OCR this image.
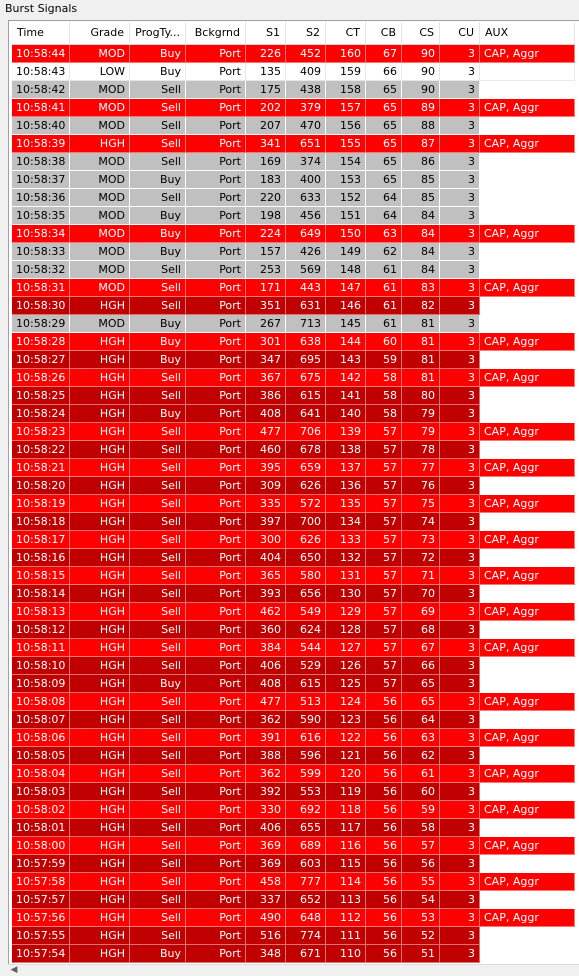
Burst Signals
Time	Grade	ProgTy...	Bckgrnd	S1	S2	CT	CB	CS	CU	AUX
10:58:44	MOD	Buy	Port	226	452	160	67	90	3 CAP, Aggr
10:58:43	LOW	Buy	Port	135	409	159	66	90	3
10:58:42	MOD	Sell	Port	175	438	158	65	90	3
10:58:41	MOD	Sell	Port	202	379	157	65	89	3 CAP, Aggr
10:58:40	MOD	Sell	Port	207	470	156	65	88	3
10:58:39	HGH	Sell	Port	341	651	155	65	87	3 CAP, Aggr
10:58:38	MOD	Sell	Port	169	374	154	65	86	3
10:58:37	MOD	Buy	Port	183	400	153	65	85	3
10:58:36	MOD	Sell	Port	220	633	152	64	85	3
10:58:35	MOD	Buy	Port	198	456	151	64	84	3
10:58:34	MOD	Buy	Port	224	649	150	63	84	3 CAP, Aggr
10:58:33	MOD	Buy	Port	157	426	149	62	84	3
10:58:32	MOD	Sell	Port	253	569	148	61	84	3
10:58:31	MOD	Sell	Port	171	443	147	61	83	3 CAP, Aggr
10:58:30	HGH	Sell	Port	351	631	146	61	82	3
10:58:29	MOD	Buy	Port	267	713	145	61	81	3
10:58:28	HGH	Buy	Port	301	638	144	60	81	3 CAP, Aggr
10:58:27	HGH	Buy	Port	347	695	143	59	81	3
10:58:26	HGH	Sell	Port	367	675	142	58	81	3 CAP, Aggr
10:58:25	HGH	Sell	Port	386	615	141	58	80	3
10:58:24	HGH	Buy	Port	408	641	140	58	79	3
10:58:23	HGH	Sell	Port	477	706	139	57	79	3 CAP, Aggr
10:58:22	HGH	Sell	Port	460	678	138	57	78	3
10:58:21	HGH	Sell	Port	395	659	137	57	77	3 CAP, Aggr
10:58:20	HGH	Sell	Port	309	626	136	57	76	3
10:58:19	HGH	Sell	Port	335	572	135	57	75	3 CAP, Aggr
10:58:18	HGH	Sell	Port	397	700	134	57	74	3
10:58:17	HGH	Sell	Port	300	626	133	57	73	3 CAP, Aggr
10:58:16	HGH	Sell	Port	404	650	132	57	72	3
10:58:15	HGH	Sell	Port	365	580	131	57	71	3 CAP, Aggr
10:58:14	HGH	Sell	Port	393	656	130	57	70	3
10:58:13	HGH	Sell	Port	462	549	129	57	69	3 CAP, Aggr
10:58:12	HGH	Sell	Port	360	624	128	57	68	3
10:58:11	HGH	Sell	Port	384	544	127	57	67	3 CAP, Aggr
10:58:10	HGH	Sell	Port	406	529	126	57	66	3
10:58:09	HGH	Buy	Port	408	615	125	57	65	3
10:58:08	HGH	Sell	Port	477	513	124	56	65	3 CAP, Aggr
10:58:07	HGH	Sell	Port	362	590	123	56	64	3
10:58:06	HGH	Sell	Port	391	616	122	56	63	3 CAP, Aggr
10:58:05	HGH	Sell	Port	388	596	121	56	62	3
10:58:04	HGH	Sell	Port	362	599	120	56	61	3 CAP, Aggr
10:58:03	HGH	Sell	Port	392	553	119	56	60	3
10:58:02	HGH	Sell	Port	330	692	118	56	59	3 CAP, Aggr
10:58:01	HGH	Sell	Port	406	655	117	56	58	3
10:58:00	HGH	Sell	Port	369	689	116	56	57	3 CAP, Aggr
10:57:59	HGH	Sell	Port	369	603	115	56	56	3
10:57:58	HGH	Sell	Port	458	777	114	56	55	3 CAP, Aggr
10:57:57	HGH	Sell	Port	337	652	113	56	54	3
10:57:56	HGH	Sell	Port	490	648	112	56	53	3 CAP, Aggr
10:57:55	HGH	Sell	Port	516	774	111	56	52	3
10:57:54	HGH	Buy	Port	348	671	110	56	51	3
◀
